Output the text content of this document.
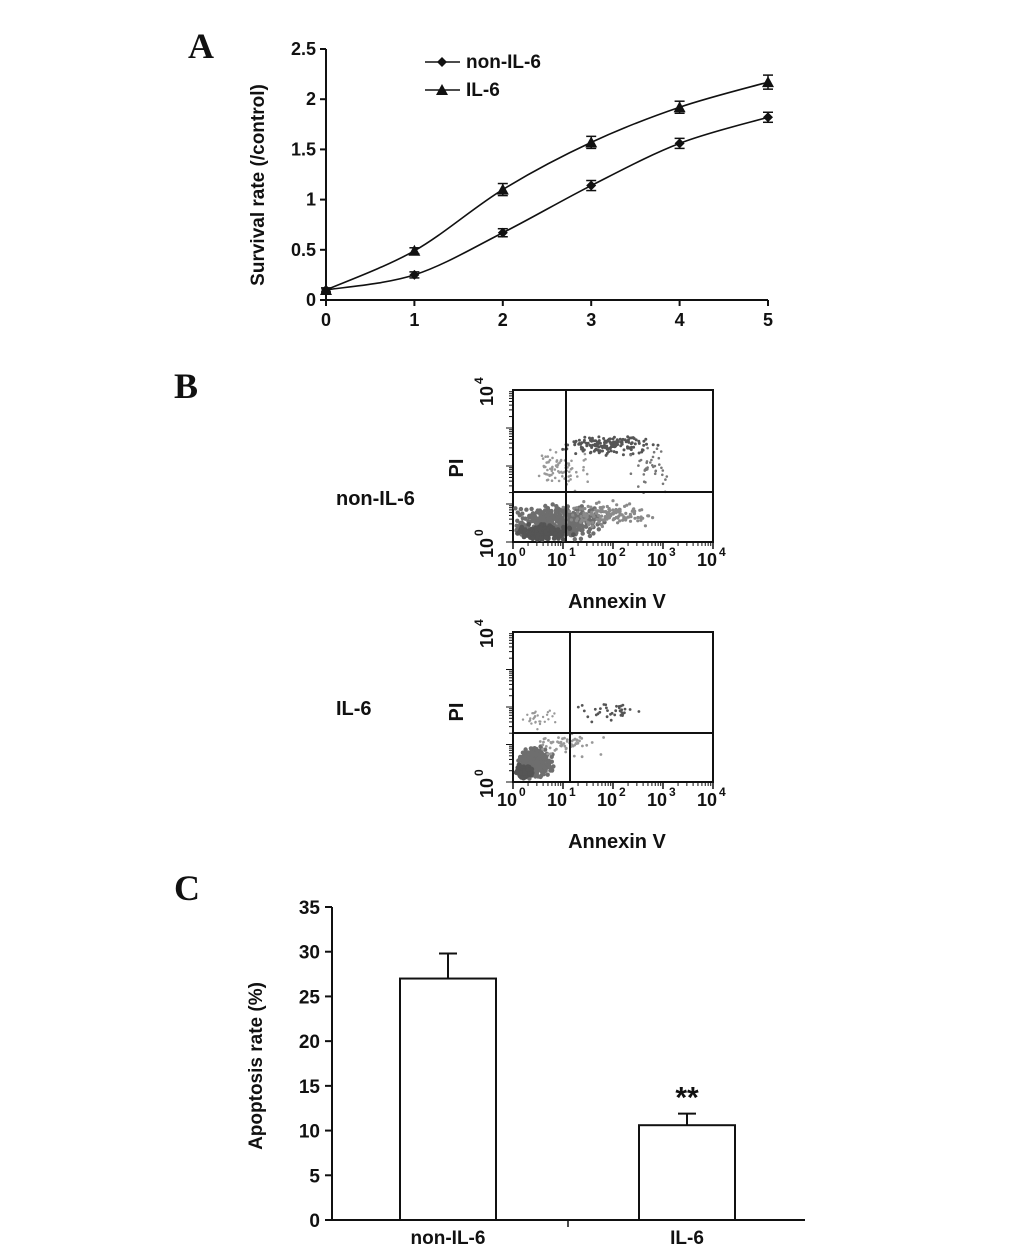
A
B
C
0
0.5
1
1.5
2
2.5
0	1	2	3	4	5
Survival rate (/control)
non-IL-6
IL-6
non-IL-6
IL-6
10 0 10 1 10 2 10 3 10 4
10
0
10
4
PI
Annexin V
10 0 10 1 10 2 10 3 10 4
10
0
10
4
PI
Annexin V
0
5
10
15
20
25
30
35
non-IL-6	IL-6
**
Apoptosis rate (%)
